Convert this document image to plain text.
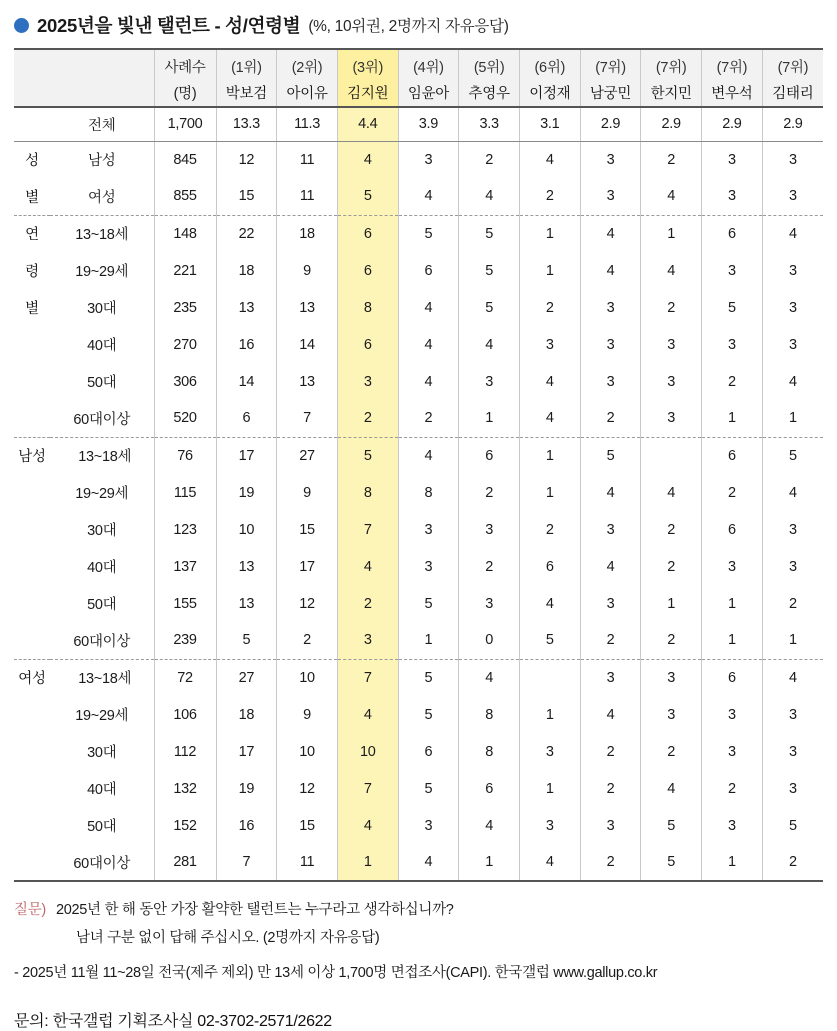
2025년을 빛낸 탤런트 - 성/연령별 (%, 10위권, 2명까지 자유응답)
		사례수	(1위)	(2위)	(3위)	(4위)	(5위)	(6위)	(7위)	(7위)	(7위)	(7위)
		(명)	박보검	아이유	김지원	임윤아	추영우	이정재	남궁민	한지민	변우석	김태리
	전체	1,700	13.3	11.3	4.4	3.9	3.3	3.1	2.9	2.9	2.9	2.9
성	남성	845	12	11	4	3	2	4	3	2	3	3
별	여성	855	15	11	5	4	4	2	3	4	3	3
연	13~18세	148	22	18	6	5	5	1	4	1	6	4
령	19~29세	221	18	9	6	6	5	1	4	4	3	3
별	30대	235	13	13	8	4	5	2	3	2	5	3
	40대	270	16	14	6	4	4	3	3	3	3	3
	50대	306	14	13	3	4	3	4	3	3	2	4
	60대이상	520	6	7	2	2	1	4	2	3	1	1
남성	13~18세	76	17	27	5	4	6	1	5		6	5
	19~29세	115	19	9	8	8	2	1	4	4	2	4
	30대	123	10	15	7	3	3	2	3	2	6	3
	40대	137	13	17	4	3	2	6	4	2	3	3
	50대	155	13	12	2	5	3	4	3	1	1	2
	60대이상	239	5	2	3	1	0	5	2	2	1	1
여성	13~18세	72	27	10	7	5	4		3	3	6	4
	19~29세	106	18	9	4	5	8	1	4	3	3	3
	30대	112	17	10	10	6	8	3	2	2	3	3
	40대	132	19	12	7	5	6	1	2	4	2	3
	50대	152	16	15	4	3	4	3	3	5	3	5
	60대이상	281	7	11	1	4	1	4	2	5	1	2
질문) 2025년 한 해 동안 가장 활약한 탤런트는 누구라고 생각하십니까?
남녀 구분 없이 답해 주십시오. (2명까지 자유응답)
- 2025년 11월 11~28일 전국(제주 제외) 만 13세 이상 1,700명 면접조사(CAPI). 한국갤럽 www.gallup.co.kr
문의: 한국갤럽 기획조사실 02-3702-2571/2622
